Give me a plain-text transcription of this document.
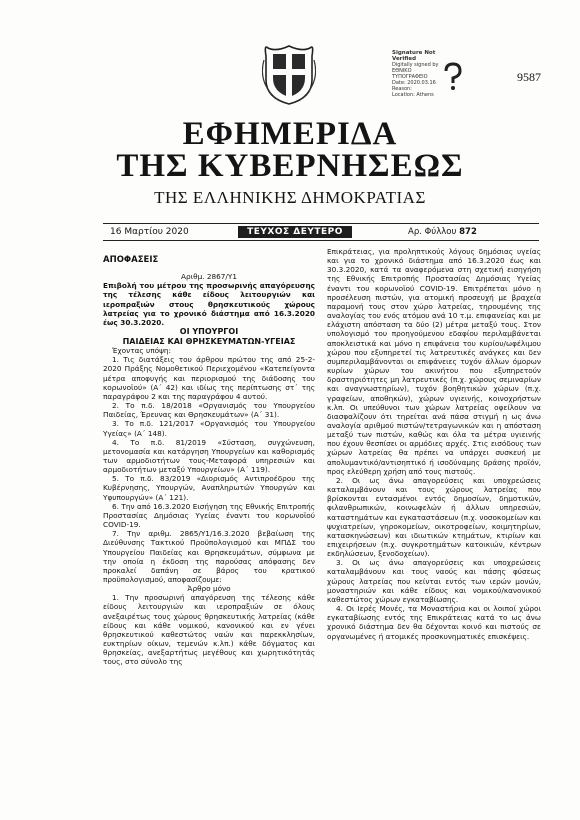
Signature Not
Verified
Digitally signed by
ΕΘΝΙΚΟ
ΤΥΠΟΓΡΑΦΕΙΟ
Date: 2020.03.16
Reason:
Location: Athens
9587
ΕΦΗΜΕΡΙΔΑ
ΤΗΣ ΚΥΒΕΡΝΗΣΕΩΣ
ΤΗΣ ΕΛΛΗΝΙΚΗΣ ΔΗΜΟΚΡΑΤΙΑΣ
16 Μαρτίου 2020	ΤΕΥΧΟΣ ΔΕΥΤΕΡΟ	Αρ. Φύλλου 872
ΑΠΟΦΑΣΕΙΣ

Αριθμ. 2867/Υ1

Επιβολή του μέτρου της προσωρινής απαγόρευσης της τέλεσης κάθε είδους λειτουργιών και ιεροπραξιών στους θρησκευτικούς χώρους λατρείας για το χρονικό διάστημα από 16.3.2020 έως 30.3.2020.

ΟΙ ΥΠΟΥΡΓΟΙ
ΠΑΙΔΕΙΑΣ ΚΑΙ ΘΡΗΣΚΕΥΜΑΤΩΝ-ΥΓΕΙΑΣ

Έχοντας υπόψη:

1. Τις διατάξεις του άρθρου πρώτου της από 25-2-2020 Πράξης Νομοθετικού Περιεχομένου «Κατεπείγοντα μέτρα αποφυγής και περιορισμού της διάδοσης του κορωνοϊού» (Α΄ 42) και ιδίως της περίπτωσης στ΄ της παραγράφου 2 και της παραγράφου 4 αυτού.

2. Το π.δ. 18/2018 «Οργανισμός του Υπουργείου Παιδείας, Έρευνας και Θρησκευμάτων» (Α΄ 31).

3. Το π.δ. 121/2017 «Οργανισμός του Υπουργείου Υγείας» (Α΄ 148).

4. Το π.δ. 81/2019 «Σύσταση, συγχώνευση, μετονομασία και κατάργηση Υπουργείων και καθορισμός των αρμοδιοτήτων τους-Μεταφορά υπηρεσιών και αρμοδιοτήτων μεταξύ Υπουργείων» (Α΄ 119).

5. Το π.δ. 83/2019 «Διορισμός Αντιπροέδρου της Κυβέρνησης, Υπουργών, Αναπληρωτών Υπουργών και Υφυπουργών» (Α΄ 121).

6. Την από 16.3.2020 Εισήγηση της Εθνικής Επιτροπής Προστασίας Δημόσιας Υγείας έναντι του κορωνοϊού COVID-19.

7. Την αριθμ. 2865/Υ1/16.3.2020 βεβαίωση της Διεύθυνσης Τακτικού Προϋπολογισμού και ΜΠΔΣ του Υπουργείου Παιδείας και Θρησκευμάτων, σύμφωνα με την οποία η έκδοση της παρούσας απόφασης δεν προκαλεί δαπάνη σε βάρος του κρατικού προϋπολογισμού, αποφασίζουμε:

Άρθρο μόνο

1. Την προσωρινή απαγόρευση της τέλεσης κάθε είδους λειτουργιών και ιεροπραξιών σε όλους ανεξαιρέτως τους χώρους θρησκευτικής λατρείας (κάθε είδους και κάθε νομικού, κανονικού και εν γένει θρησκευτικού καθεστώτος ναών και παρεκκλησίων, ευκτηρίων οίκων, τεμενών κ.λπ.) κάθε δόγματος και θρησκείας, ανεξαρτήτως μεγέθους και χωρητικότητάς τους, στο σύνολο της

Επικράτειας, για προληπτικούς λόγους δημόσιας υγείας και για το χρονικό διάστημα από 16.3.2020 έως και 30.3.2020, κατά τα αναφερόμενα στη σχετική εισηγήση της Εθνικής Επιτροπής Προστασίας Δημόσιας Υγείας έναντι του κορωνοϊού COVID-19. Επιτρέπεται μόνο η προσέλευση πιστών, για ατομική προσευχή με βραχεία παραμονή τους στον χώρο λατρείας, τηρουμένης της αναλογίας του ενός ατόμου ανά 10 τ.μ. επιφανείας και με ελάχιστη απόσταση τα δύο (2) μέτρα μεταξύ τους. Στον υπολογισμό του προηγούμενου εδαφίου περιλαμβάνεται αποκλειστικά και μόνο η επιφάνεια του κυρίου/ωφέλιμου χώρου που εξυπηρετεί τις λατρευτικές ανάγκες και δεν συμπεριλαμβάνονται οι επιφάνειες τυχόν άλλων όμορων κυρίων χώρων του ακινήτου που εξυπηρετούν δραστηριότητες μη λατρευτικές (π.χ. χώρους σεμιναρίων και αναγνωστηρίων), τυχόν βοηθητικών χώρων (π.χ. γραφείων, αποθηκών), χώρων υγιεινής, κοινοχρήστων κ.λπ. Οι υπεύθυνοι των χώρων λατρείας οφείλουν να διασφαλίζουν ότι τηρείται ανά πάσα στιγμή η ως άνω αναλογία αριθμού πιστών/τετραγωνικών και η απόσταση μεταξύ των πιστών, καθώς και όλα τα μέτρα υγιεινής που έχουν θεσπίσει οι αρμόδιες αρχές. Στις εισόδους των χώρων λατρείας θα πρέπει να υπάρχει συσκευή με απολυμαντικό/αντισηπτικό ή ισοδύναμης δράσης προϊόν, προς ελεύθερη χρήση από τους πιστούς.

2. Οι ως άνω απαγορεύσεις και υποχρεώσεις καταλαμβάνουν και τους χώρους λατρείας που βρίσκονται εντασμένοι εντός δημοσίων, δημοτικών, φιλανθρωπικών, κοινωφελών ή άλλων υπηρεσιών, καταστημάτων και εγκαταστάσεων (π.χ. νοσοκομείων και ψυχιατρείων, γηροκομείων, οικοτροφείων, κοιμητηρίων, κατασκηνώσεων) και ιδιωτικών κτημάτων, κτιρίων και επιχειρήσεων (π.χ. συγκροτημάτων κατοικιών, κέντρων εκδηλώσεων, ξενοδοχείων).

3. Οι ως άνω απαγορεύσεις και υποχρεώσεις καταλαμβάνουν και τους ναούς και πάσης φύσεως χώρους λατρείας που κείνται εντός των ιερών μονών, μοναστηριών και κάθε είδους και νομικού/κανονικού καθεστώτος χώρων εγκαταβίωσης.

4. Οι Ιερές Μονές, τα Μοναστήρια και οι λοιποί χώροι εγκαταβίωσης εντός της Επικράτειας κατά το ως άνω χρονικό διάστημα δεν θα δέχονται κοινό και πιστούς σε οργανωμένες ή ατομικές προσκυνηματικές επισκέψεις.
